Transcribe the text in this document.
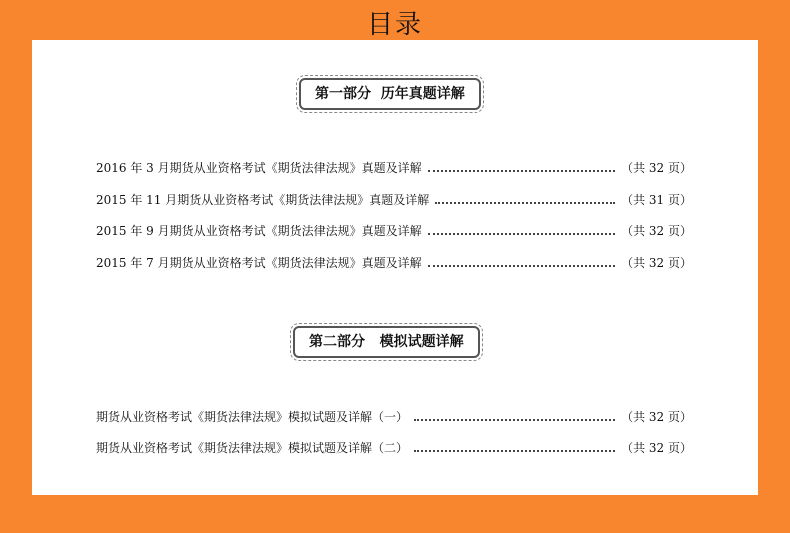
目录
第一部分  历年真题详解
2016 年 3 月期货从业资格考试《期货法律法规》真题及详解	（共 32 页）
2015 年 11 月期货从业资格考试《期货法律法规》真题及详解	（共 31 页）
2015 年 9 月期货从业资格考试《期货法律法规》真题及详解	（共 32 页）
2015 年 7 月期货从业资格考试《期货法律法规》真题及详解	（共 32 页）
第二部分   模拟试题详解
期货从业资格考试《期货法律法规》模拟试题及详解（一）	（共 32 页）
期货从业资格考试《期货法律法规》模拟试题及详解（二）	（共 32 页）
